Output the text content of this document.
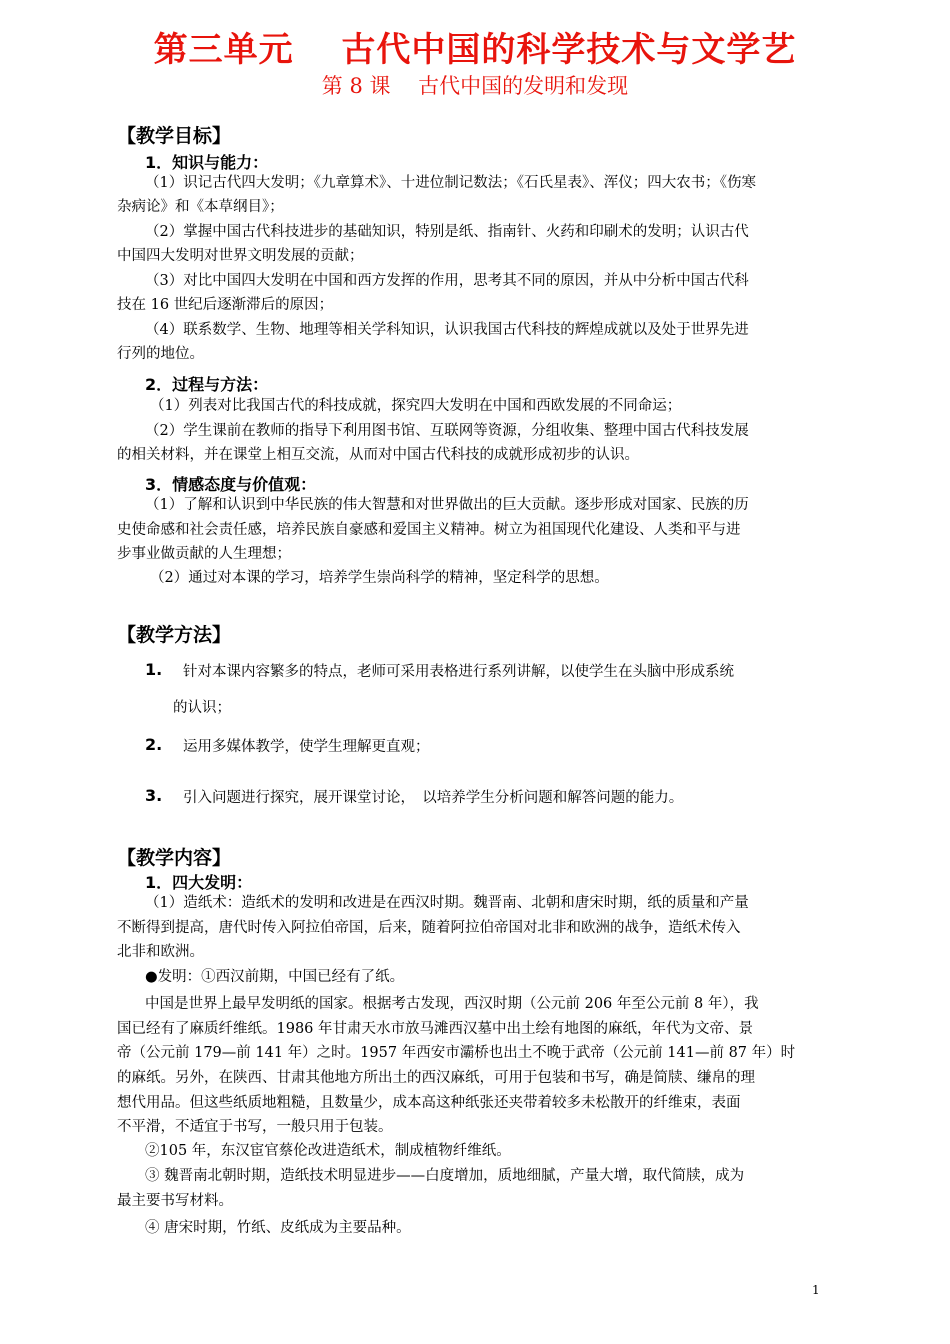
第三单元　 古代中国的科学技术与文学艺
第 8 课　 古代中国的发明和发现
【教学目标】
1．知识与能力：
（1）识记古代四大发明；《九章算术》、十进位制记数法；《石氏星表》、浑仪；四大农书；《伤寒
杂病论》和《本草纲目》；
（2）掌握中国古代科技进步的基础知识，特别是纸、指南针、火药和印刷术的发明；认识古代
中国四大发明对世界文明发展的贡献；
（3）对比中国四大发明在中国和西方发挥的作用，思考其不同的原因，并从中分析中国古代科
技在 16 世纪后逐渐滞后的原因；
（4）联系数学、生物、地理等相关学科知识，认识我国古代科技的辉煌成就以及处于世界先进
行列的地位。
2．过程与方法：
（1）列表对比我国古代的科技成就，探究四大发明在中国和西欧发展的不同命运；
（2）学生课前在教师的指导下利用图书馆、互联网等资源，分组收集、整理中国古代科技发展
的相关材料，并在课堂上相互交流，从而对中国古代科技的成就形成初步的认识。
3．情感态度与价值观：
（1）了解和认识到中华民族的伟大智慧和对世界做出的巨大贡献。逐步形成对国家、民族的历
史使命感和社会责任感，培养民族自豪感和爱国主义精神。树立为祖国现代化建设、人类和平与进
步事业做贡献的人生理想；
（2）通过对本课的学习，培养学生崇尚科学的精神，坚定科学的思想。
【教学方法】
1. 针对本课内容繁多的特点，老师可采用表格进行系列讲解，以使学生在头脑中形成系统
的认识；
2. 运用多媒体教学，使学生理解更直观；
3. 引入问题进行探究，展开课堂讨论，　以培养学生分析问题和解答问题的能力。
【教学内容】
1．四大发明：
（1）造纸术：造纸术的发明和改进是在西汉时期。魏晋南、北朝和唐宋时期，纸的质量和产量
不断得到提高，唐代时传入阿拉伯帝国，后来，随着阿拉伯帝国对北非和欧洲的战争，造纸术传入
北非和欧洲。
●发明：①西汉前期，中国已经有了纸。
中国是世界上最早发明纸的国家。根据考古发现，西汉时期（公元前 206 年至公元前 8 年），我
国已经有了麻质纤维纸。1986 年甘肃天水市放马滩西汉墓中出土绘有地图的麻纸，年代为文帝、景
帝（公元前 179—前 141 年）之时。1957 年西安市灞桥也出土不晚于武帝（公元前 141—前 87 年）时
的麻纸。另外，在陕西、甘肃其他地方所出土的西汉麻纸，可用于包装和书写，确是简牍、缣帛的理
想代用品。但这些纸质地粗糙，且数量少，成本高这种纸张还夹带着较多未松散开的纤维束，表面
不平滑，不适宜于书写，一般只用于包装。
②105 年，东汉宦官蔡伦改进造纸术，制成植物纤维纸。
③ 魏晋南北朝时期，造纸技术明显进步——白度增加，质地细腻，产量大增，取代简牍，成为
最主要书写材料。
④ 唐宋时期，竹纸、皮纸成为主要品种。
1
